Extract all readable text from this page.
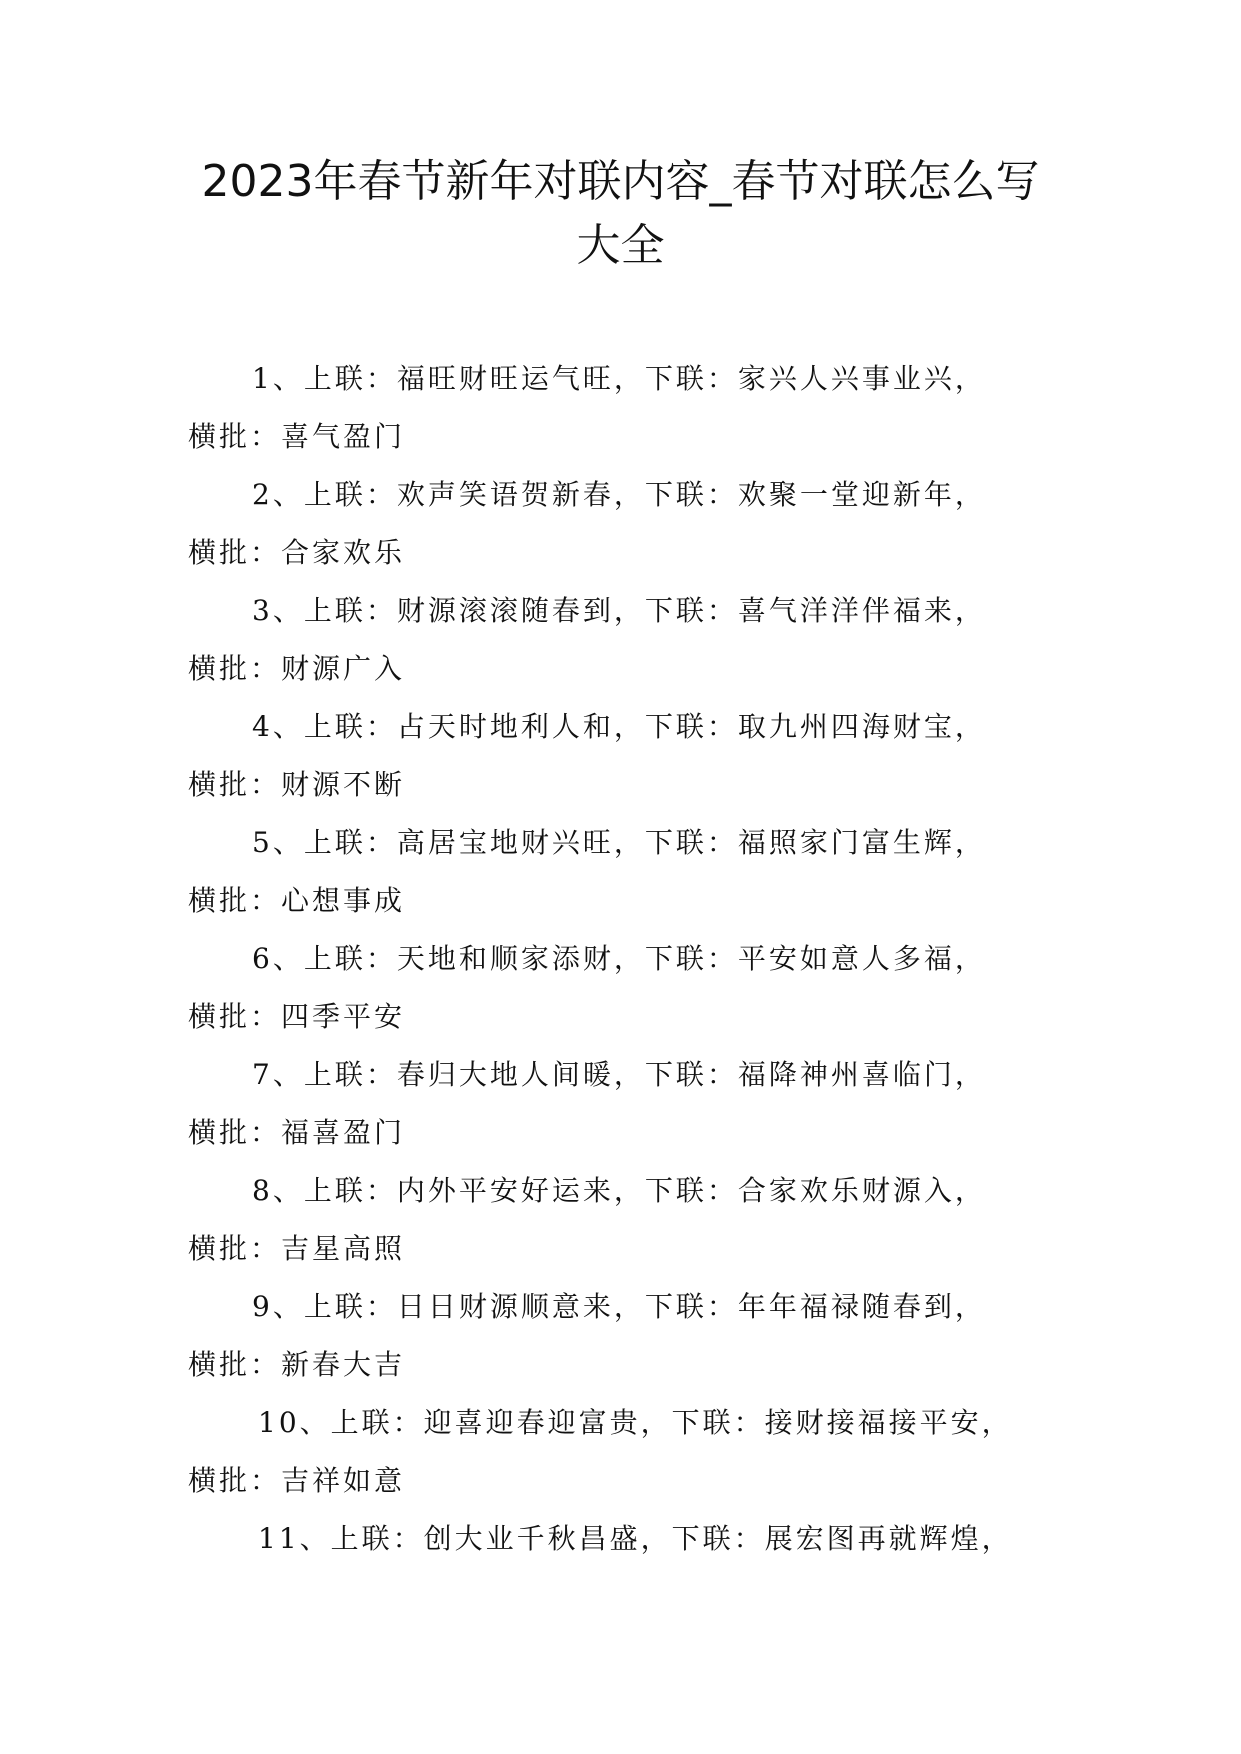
2023年春节新年对联内容_春节对联怎么写
大全

1、上联：福旺财旺运气旺，下联：家兴人兴事业兴，
横批：喜气盈门

2、上联：欢声笑语贺新春，下联：欢聚一堂迎新年，
横批：合家欢乐

3、上联：财源滚滚随春到，下联：喜气洋洋伴福来，
横批：财源广入

4、上联：占天时地利人和，下联：取九州四海财宝，
横批：财源不断

5、上联：高居宝地财兴旺，下联：福照家门富生辉，
横批：心想事成

6、上联：天地和顺家添财，下联：平安如意人多福，
横批：四季平安

7、上联：春归大地人间暖，下联：福降神州喜临门，
横批：福喜盈门

8、上联：内外平安好运来，下联：合家欢乐财源入，
横批：吉星高照

9、上联：日日财源顺意来，下联：年年福禄随春到，
横批：新春大吉

10、上联：迎喜迎春迎富贵，下联：接财接福接平安，
横批：吉祥如意

11、上联：创大业千秋昌盛，下联：展宏图再就辉煌，
